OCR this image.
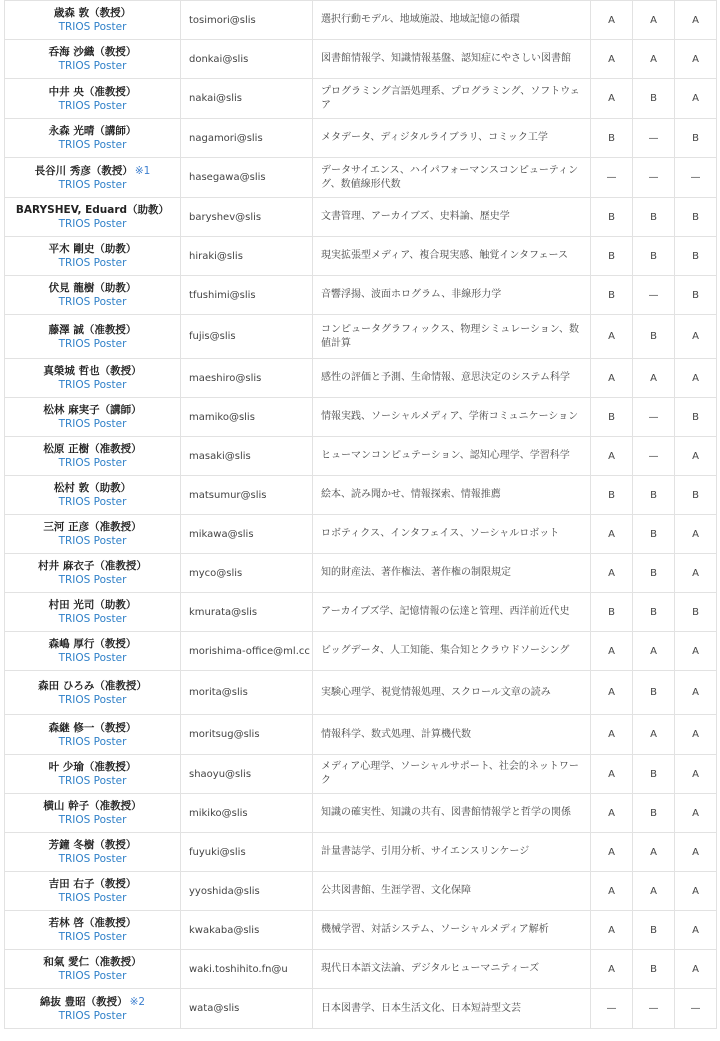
歳森 敦（教授）
TRIOS Poster	tosimori@slis	選択行動モデル、地域施設、地域記憶の循環	A	A	A

呑海 沙織（教授）
TRIOS Poster	donkai@slis	図書館情報学、知識情報基盤、認知症にやさしい図書館	A	A	A

中井 央（准教授）
TRIOS Poster	nakai@slis	プログラミング言語処理系、プログラミング、ソフトウェア	A	B	A

永森 光晴（講師）
TRIOS Poster	nagamori@slis	メタデータ、ディジタルライブラリ、コミック工学	B	—	B

長谷川 秀彦（教授） ※1
TRIOS Poster	hasegawa@slis	データサイエンス、ハイパフォーマンスコンピューティング、数値線形代数	—	—	—

BARYSHEV, Eduard（助教）
TRIOS Poster	baryshev@slis	文書管理、アーカイブズ、史料論、歴史学	B	B	B

平木 剛史（助教）
TRIOS Poster	hiraki@slis	現実拡張型メディア、複合現実感、触覚インタフェース	B	B	B

伏見 龍樹（助教）
TRIOS Poster	tfushimi@slis	音響浮揚、波面ホログラム、非線形力学	B	—	B

藤澤 誠（准教授）
TRIOS Poster	fujis@slis	コンピュータグラフィックス、物理シミュレーション、数値計算	A	B	A

真榮城 哲也（教授）
TRIOS Poster	maeshiro@slis	感性の評価と予測、生命情報、意思決定のシステム科学	A	A	A

松林 麻実子（講師）
TRIOS Poster	mamiko@slis	情報実践、ソーシャルメディア、学術コミュニケーション	B	—	B

松原 正樹（准教授）
TRIOS Poster	masaki@slis	ヒューマンコンピュテーション、認知心理学、学習科学	A	—	A

松村 敦（助教）
TRIOS Poster	matsumur@slis	絵本、読み聞かせ、情報探索、情報推薦	B	B	B

三河 正彦（准教授）
TRIOS Poster	mikawa@slis	ロボティクス、インタフェイス、ソーシャルロボット	A	B	A

村井 麻衣子（准教授）
TRIOS Poster	myco@slis	知的財産法、著作権法、著作権の制限規定	A	B	A

村田 光司（助教）
TRIOS Poster	kmurata@slis	アーカイブズ学、記憶情報の伝達と管理、西洋前近代史	B	B	B

森嶋 厚行（教授）
TRIOS Poster	morishima-office@ml.cc	ビッグデータ、人工知能、集合知とクラウドソーシング	A	A	A

森田 ひろみ（准教授）
TRIOS Poster	morita@slis	実験心理学、視覚情報処理、スクロール文章の読み	A	B	A

森継 修一（教授）
TRIOS Poster	moritsug@slis	情報科学、数式処理、計算機代数	A	A	A

叶 少瑜（准教授）
TRIOS Poster	shaoyu@slis	メディア心理学、ソーシャルサポート、社会的ネットワーク	A	B	A

横山 幹子（准教授）
TRIOS Poster	mikiko@slis	知識の確実性、知識の共有、図書館情報学と哲学の関係	A	B	A

芳鐘 冬樹（教授）
TRIOS Poster	fuyuki@slis	計量書誌学、引用分析、サイエンスリンケージ	A	A	A

吉田 右子（教授）
TRIOS Poster	yyoshida@slis	公共図書館、生涯学習、文化保障	A	A	A

若林 啓（准教授）
TRIOS Poster	kwakaba@slis	機械学習、対話システム、ソーシャルメディア解析	A	B	A

和氣 愛仁（准教授）
TRIOS Poster	waki.toshihito.fn@u	現代日本語文法論、デジタルヒューマニティーズ	A	B	A

綿抜 豊昭（教授） ※2
TRIOS Poster	wata@slis	日本図書学、日本生活文化、日本短詩型文芸	—	—	—
